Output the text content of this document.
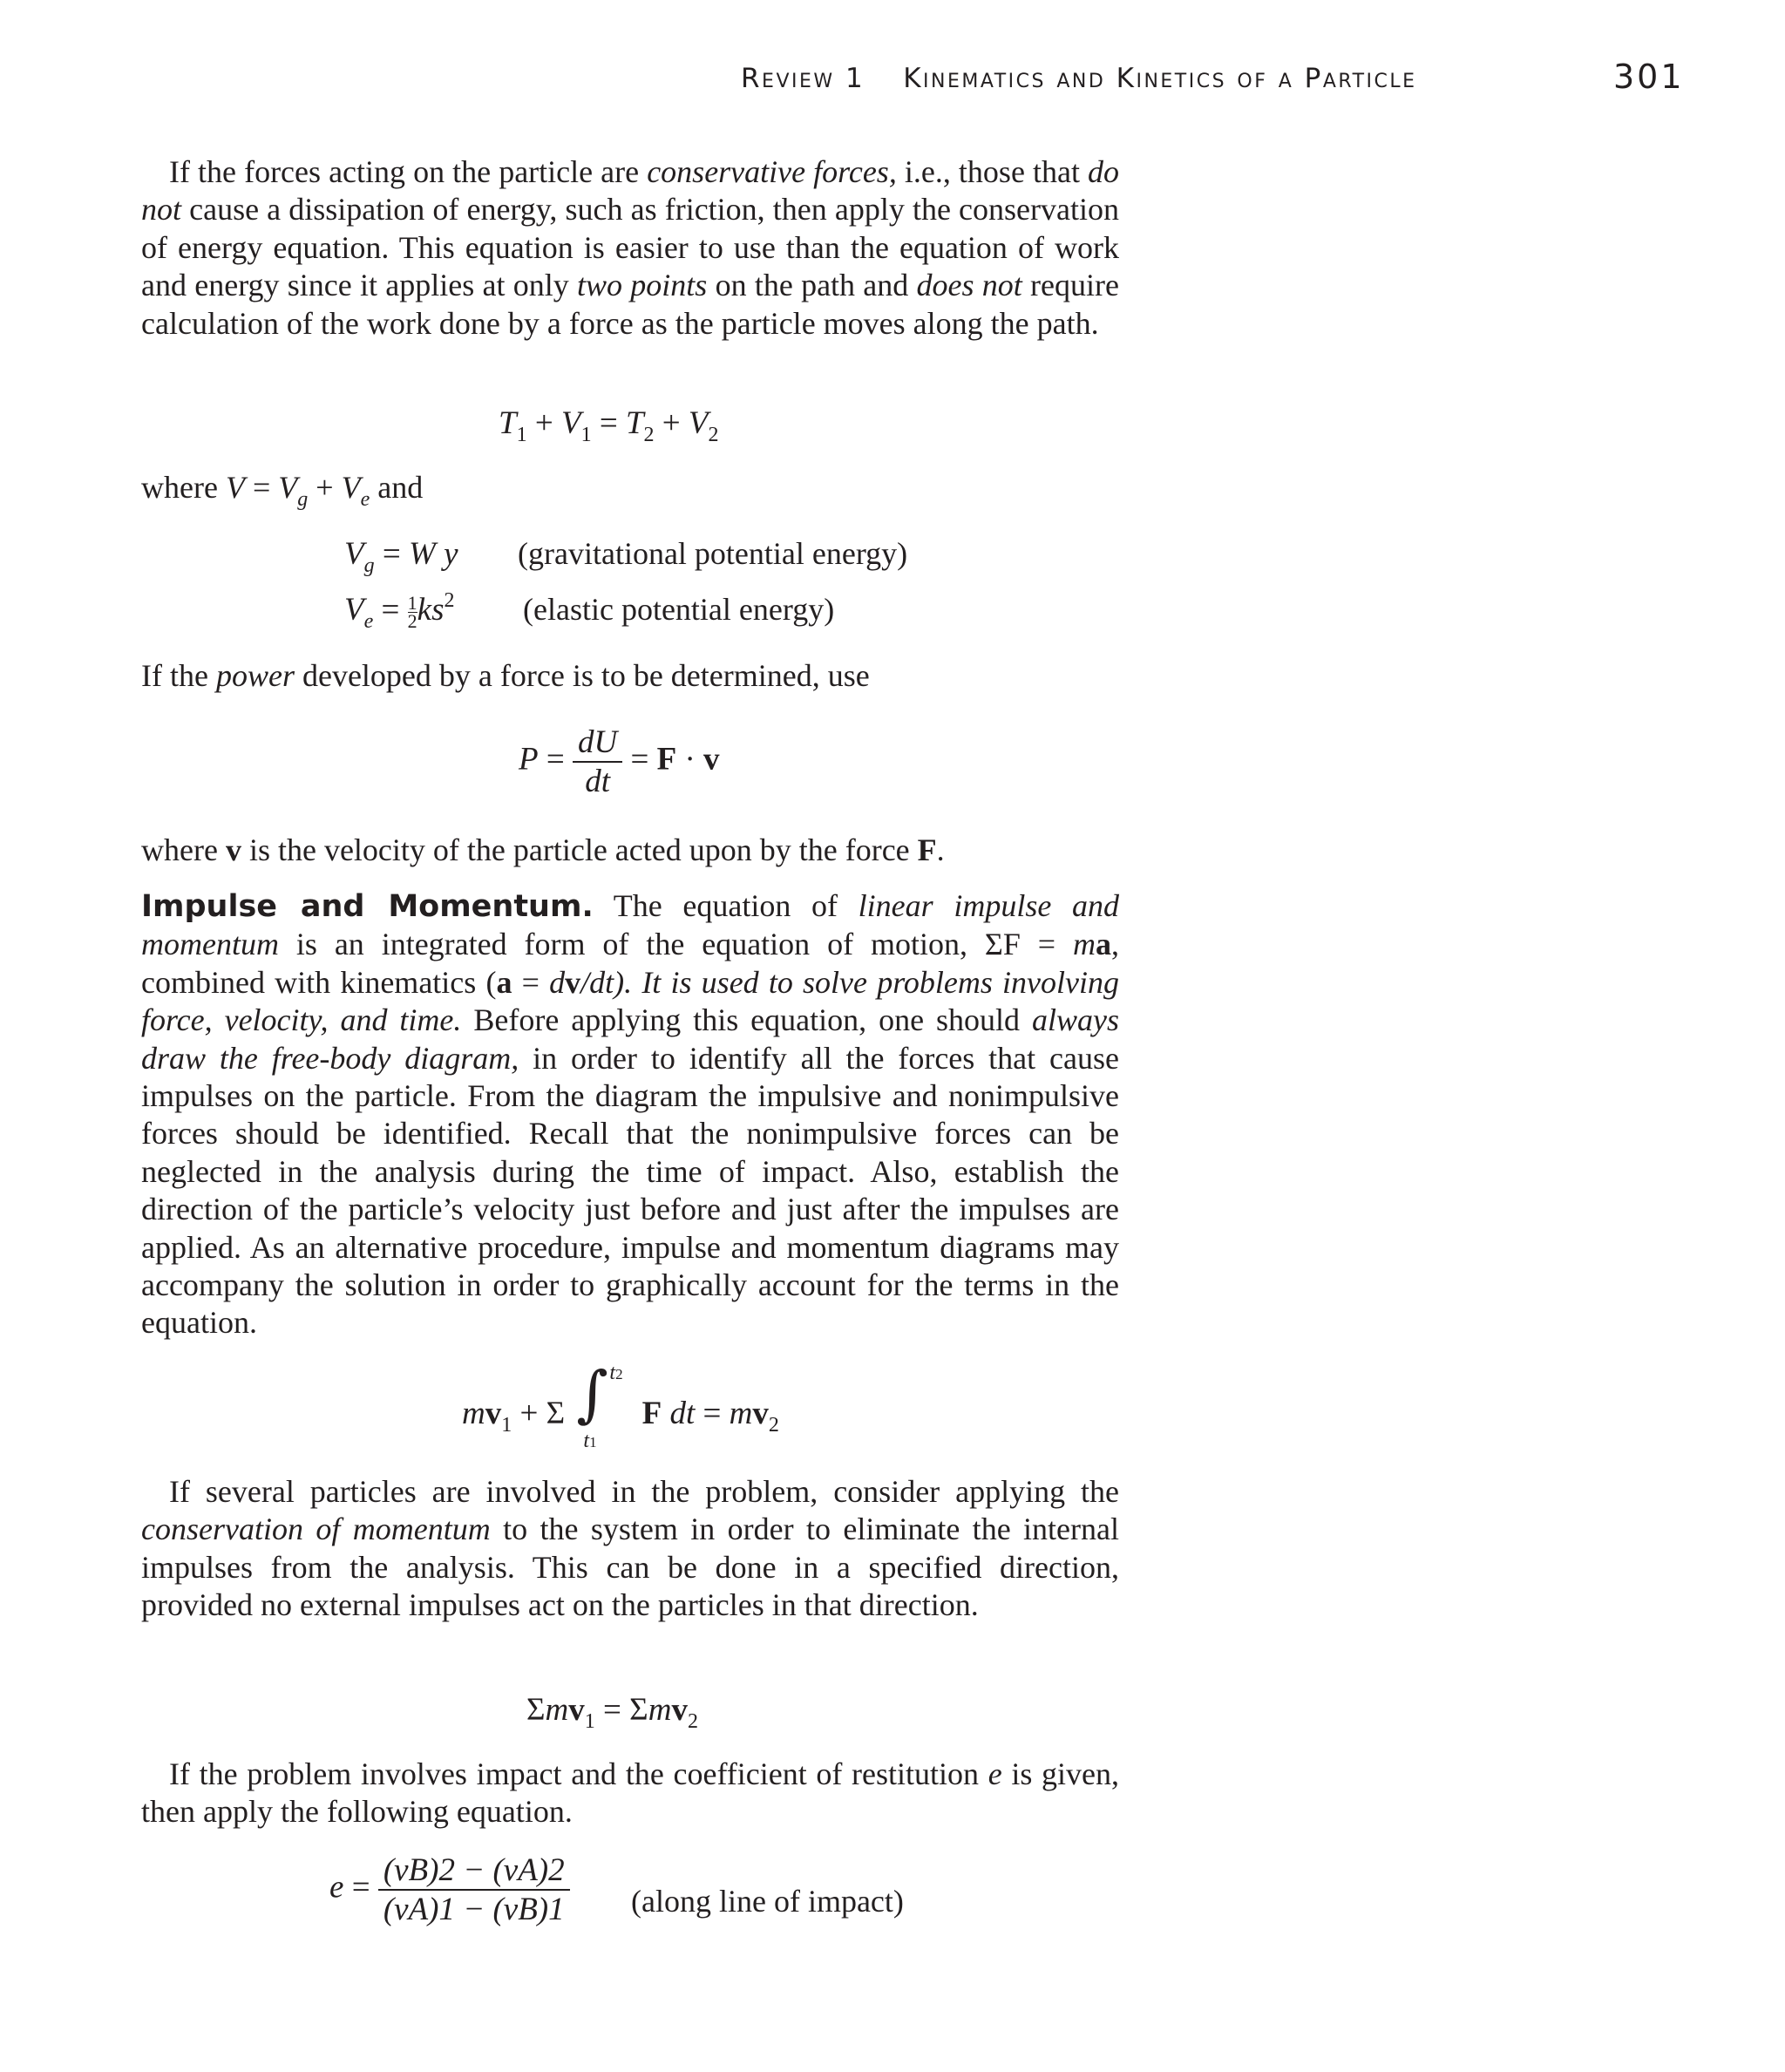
Review 1 Kinematics and Kinetics of a Particle	301
If the forces acting on the particle are conservative forces, i.e., those that do not cause a dissipation of energy, such as friction, then apply the conservation of energy equation. This equation is easier to use than the equation of work and energy since it applies at only two points on the path and does not require calculation of the work done by a force as the particle moves along the path.
$T_1 + V_1 = T_2 + V_2$
where $V = V_g + V_e$ and
$V_g = W$ y (gravitational potential energy)
$V_e = \frac{1}{2} ks^2$ (elastic potential energy)
If the power developed by a force is to be determined, use
$P = \frac{dU}{dt} = F \cdot v$
where v is the velocity of the particle acted upon by the force F.
Impulse and Momentum. The equation of linear impulse and momentum is an integrated form of the equation of motion, ΣF = ma, combined with kinematics (a = dv/dt). It is used to solve problems involving force, velocity, and time. Before applying this equation, one should always draw the free-body diagram, in order to identify all the forces that cause impulses on the particle. From the diagram the impulsive and nonimpulsive forces should be identified. Recall that the nonimpulsive forces can be neglected in the analysis during the time of impact. Also, establish the direction of the particle’s velocity just before and just after the impulses are applied. As an alternative procedure, impulse and momentum diagrams may accompany the solution in order to graphically account for the terms in the equation.
$mv_1 + \Sigma$ ∫ t2
t1
F dt = $mv_2$
If several particles are involved in the problem, consider applying the conservation of momentum to the system in order to eliminate the internal impulses from the analysis. This can be done in a specified direction, provided no external impulses act on the particles in that direction.
Σmv$_1$ = Σmv$_2$
If the problem involves impact and the coefficient of restitution e is given, then apply the following equation.
$e = \frac{(vB)2 - (vA)2}{(vA)1 - (vB)1}$ (along line of impact)
